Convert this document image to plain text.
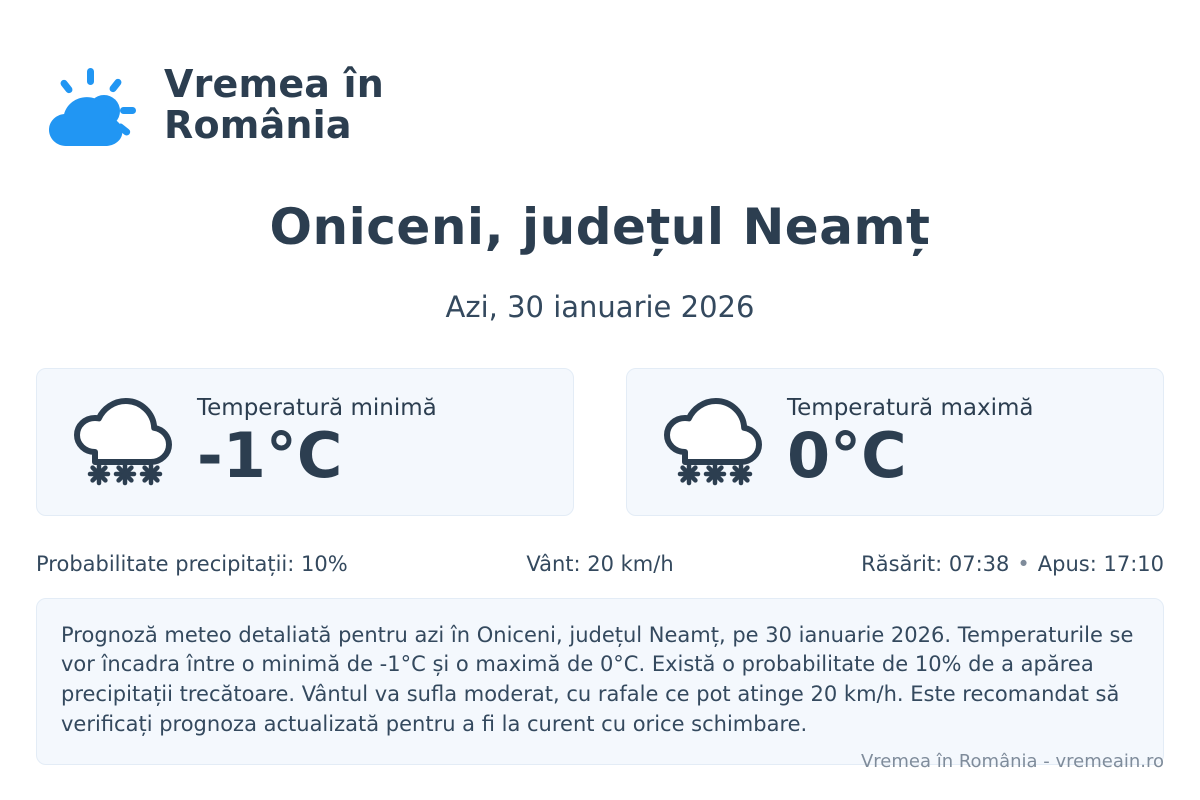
Vremea în
România
Oniceni, județul Neamț
Azi, 30 ianuarie 2026
Temperatură minimă
-1°C
Temperatură maximă
0°C
Probabilitate precipitații: 10%	Vânt: 20 km/h	Răsărit: 07:38 • Apus: 17:10
Prognoză meteo detaliată pentru azi în Oniceni, județul Neamț, pe 30 ianuarie 2026. Temperaturile se vor încadra între o minimă de -1°C și o maximă de 0°C. Există o probabilitate de 10% de a apărea precipitații trecătoare. Vântul va sufla moderat, cu rafale ce pot atinge 20 km/h. Este recomandat să verificați prognoza actualizată pentru a fi la curent cu orice schimbare.
Vremea în România - vremeain.ro
